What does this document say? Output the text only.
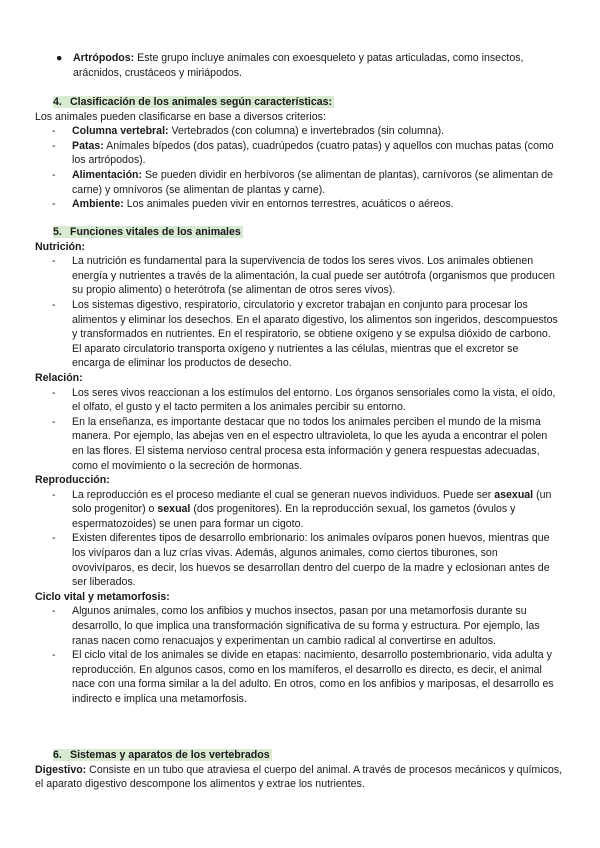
● Artrópodos: Este grupo incluye animales con exoesqueleto y patas articuladas, como insectos, arácnidos, crustáceos y miriápodos.
4. Clasificación de los animales según características:

Los animales pueden clasificarse en base a diversos criterios:

- Columna vertebral: Vertebrados (con columna) e invertebrados (sin columna).
- Patas: Animales bípedos (dos patas), cuadrúpedos (cuatro patas) y aquellos con muchas patas (como los artrópodos).
- Alimentación: Se pueden dividir en herbívoros (se alimentan de plantas), carnívoros (se alimentan de carne) y omnívoros (se alimentan de plantas y carne).
- Ambiente: Los animales pueden vivir en entornos terrestres, acuáticos o aéreos.
5. Funciones vitales de los animales
Nutrición:
- La nutrición es fundamental para la supervivencia de todos los seres vivos. Los animales obtienen energía y nutrientes a través de la alimentación, la cual puede ser autótrofa (organismos que producen su propio alimento) o heterótrofa (se alimentan de otros seres vivos).
- Los sistemas digestivo, respiratorio, circulatorio y excretor trabajan en conjunto para procesar los alimentos y eliminar los desechos. En el aparato digestivo, los alimentos son ingeridos, descompuestos y transformados en nutrientes. En el respiratorio, se obtiene oxígeno y se expulsa dióxido de carbono. El aparato circulatorio transporta oxígeno y nutrientes a las células, mientras que el excretor se encarga de eliminar los productos de desecho.
Relación:
- Los seres vivos reaccionan a los estímulos del entorno. Los órganos sensoriales como la vista, el oído, el olfato, el gusto y el tacto permiten a los animales percibir su entorno.
- En la enseñanza, es importante destacar que no todos los animales perciben el mundo de la misma manera. Por ejemplo, las abejas ven en el espectro ultravioleta, lo que les ayuda a encontrar el polen en las flores. El sistema nervioso central procesa esta información y genera respuestas adecuadas, como el movimiento o la secreción de hormonas.
Reproducción:
- La reproducción es el proceso mediante el cual se generan nuevos individuos. Puede ser asexual (un solo progenitor) o sexual (dos progenitores). En la reproducción sexual, los gametos (óvulos y espermatozoides) se unen para formar un cigoto.
- Existen diferentes tipos de desarrollo embrionario: los animales ovíparos ponen huevos, mientras que los vivíparos dan a luz crías vivas. Además, algunos animales, como ciertos tiburones, son ovovivíparos, es decir, los huevos se desarrollan dentro del cuerpo de la madre y eclosionan antes de ser liberados.
Ciclo vital y metamorfosis:
- Algunos animales, como los anfibios y muchos insectos, pasan por una metamorfosis durante su desarrollo, lo que implica una transformación significativa de su forma y estructura. Por ejemplo, las ranas nacen como renacuajos y experimentan un cambio radical al convertirse en adultos.
- El ciclo vital de los animales se divide en etapas: nacimiento, desarrollo postembrionario, vida adulta y reproducción. En algunos casos, como en los mamíferos, el desarrollo es directo, es decir, el animal nace con una forma similar a la del adulto. En otros, como en los anfibios y mariposas, el desarrollo es indirecto e implica una metamorfosis.
6. Sistemas y aparatos de los vertebrados

Digestivo: Consiste en un tubo que atraviesa el cuerpo del animal. A través de procesos mecánicos y químicos, el aparato digestivo descompone los alimentos y extrae los nutrientes.
